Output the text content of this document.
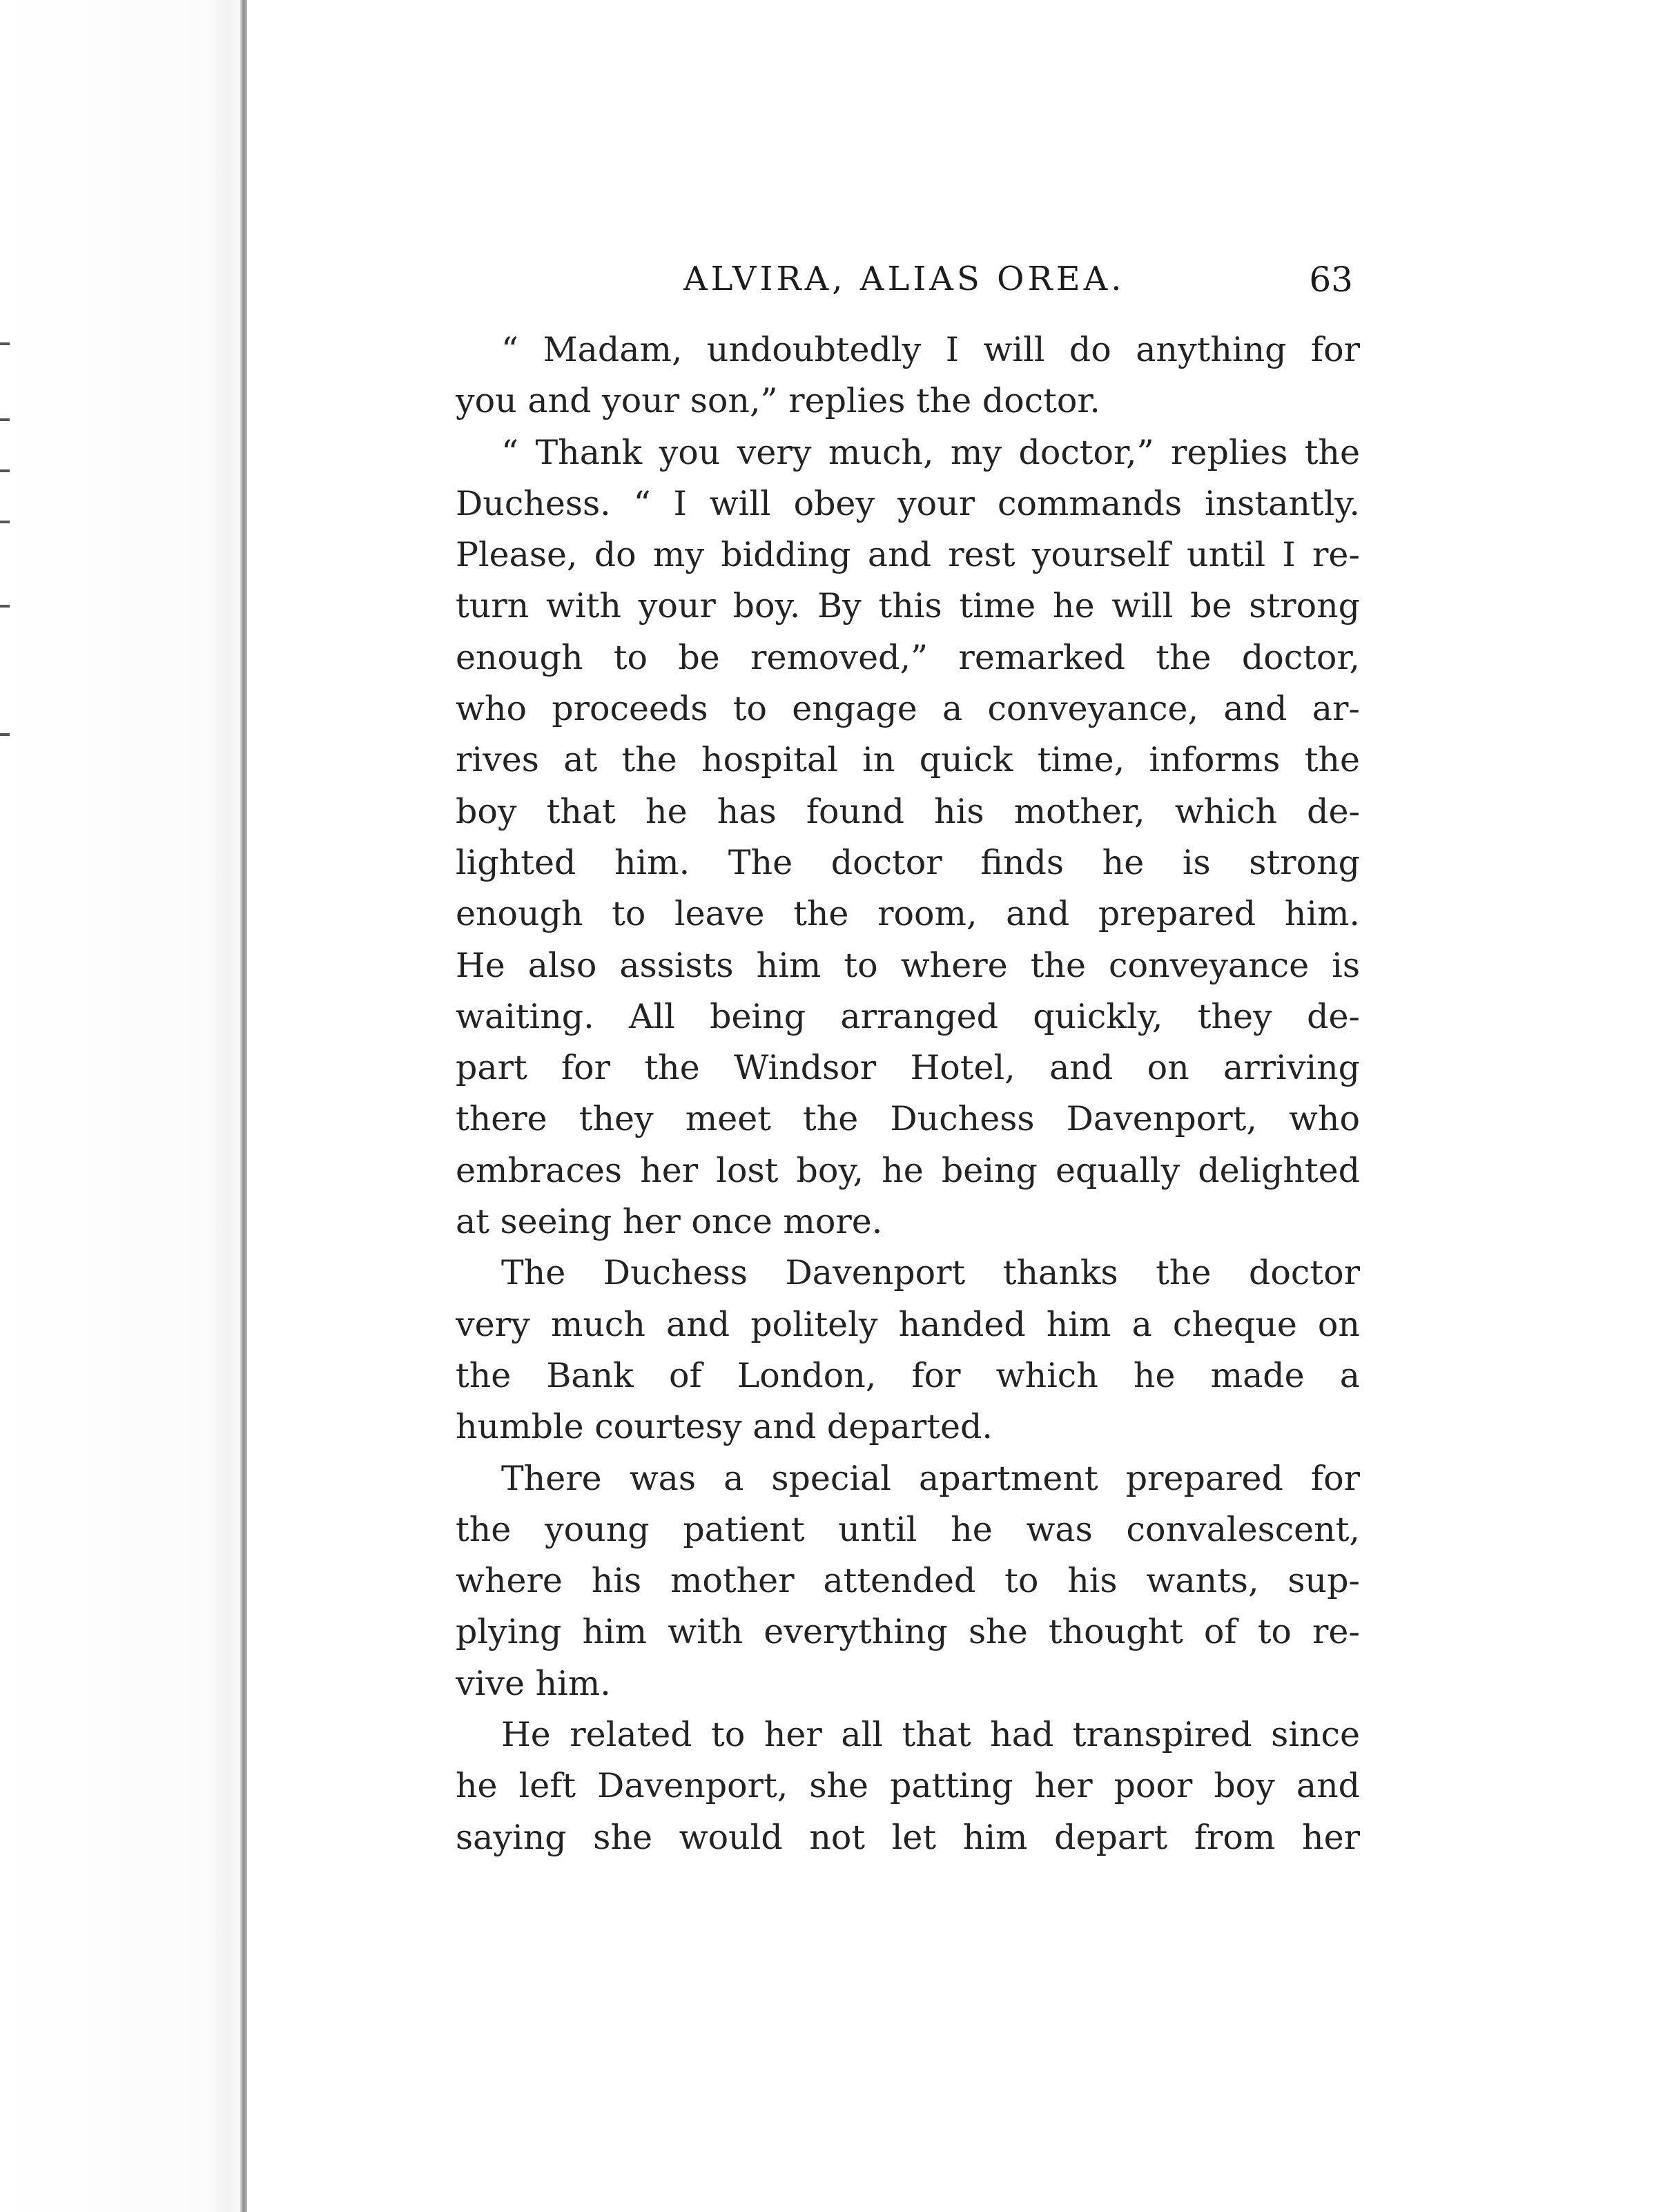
ALVIRA, ALIAS OREA.	63
“ Madam, undoubtedly I will do anything for
you and your son,” replies the doctor.
“ Thank you very much, my doctor,” replies the
Duchess. “ I will obey your commands instantly.
Please, do my bidding and rest yourself until I re-
turn with your boy. By this time he will be strong
enough to be removed,” remarked the doctor,
who proceeds to engage a conveyance, and ar-
rives at the hospital in quick time, informs the
boy that he has found his mother, which de-
lighted him. The doctor finds he is strong
enough to leave the room, and prepared him.
He also assists him to where the conveyance is
waiting. All being arranged quickly, they de-
part for the Windsor Hotel, and on arriving
there they meet the Duchess Davenport, who
embraces her lost boy, he being equally delighted
at seeing her once more.
The Duchess Davenport thanks the doctor
very much and politely handed him a cheque on
the Bank of London, for which he made a
humble courtesy and departed.
There was a special apartment prepared for
the young patient until he was convalescent,
where his mother attended to his wants, sup-
plying him with everything she thought of to re-
vive him.
He related to her all that had transpired since
he left Davenport, she patting her poor boy and
saying she would not let him depart from her
